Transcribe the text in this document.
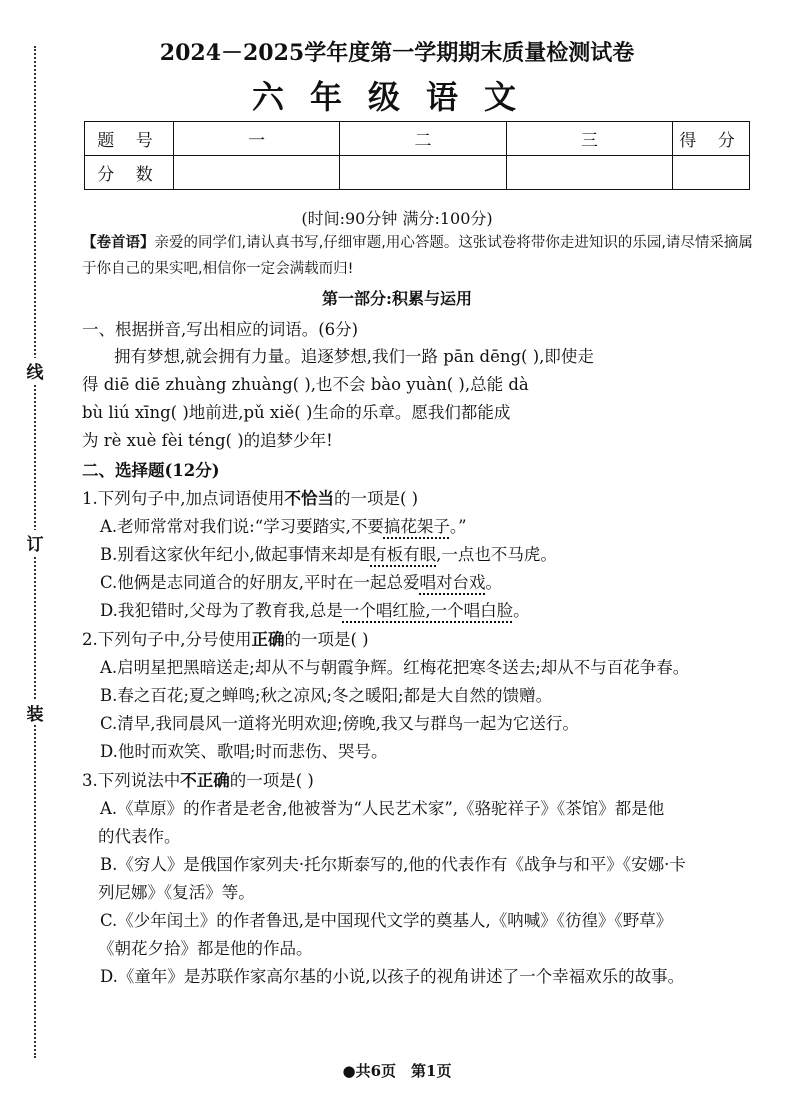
线
订
装
2024－2025学年度第一学期期末质量检测试卷
六年级语文
题 号	一	二	三	得 分
分 数				
(时间:90分钟 满分:100分)
【卷首语】亲爱的同学们,请认真书写,仔细审题,用心答题。这张试卷将带你走进知识的乐园,请尽情采摘属于你自己的果实吧,相信你一定会满载而归!
第一部分:积累与运用
一、根据拼音,写出相应的词语。(6分)
拥有梦想,就会拥有力量。追逐梦想,我们一路 pān dēng( ),即使走
得 diē diē zhuàng zhuàng( ),也不会 bào yuàn( ),总能 dà
bù liú xīng( )地前进,pǔ xiě( )生命的乐章。愿我们都能成
为 rè xuè fèi téng( )的追梦少年!
二、选择题(12分)
1.下列句子中,加点词语使用不恰当的一项是( )
A.老师常常对我们说:“学习要踏实,不要搞花架子。”
B.别看这家伙年纪小,做起事情来却是有板有眼,一点也不马虎。
C.他俩是志同道合的好朋友,平时在一起总爱唱对台戏。
D.我犯错时,父母为了教育我,总是一个唱红脸,一个唱白脸。
2.下列句子中,分号使用正确的一项是( )
A.启明星把黑暗送走;却从不与朝霞争辉。红梅花把寒冬送去;却从不与百花争春。
B.春之百花;夏之蝉鸣;秋之凉风;冬之暖阳;都是大自然的馈赠。
C.清早,我同晨风一道将光明欢迎;傍晚,我又与群鸟一起为它送行。
D.他时而欢笑、歌唱;时而悲伤、哭号。
3.下列说法中不正确的一项是( )
A.《草原》的作者是老舍,他被誉为“人民艺术家”,《骆驼祥子》《茶馆》都是他
的代表作。
B.《穷人》是俄国作家列夫·托尔斯泰写的,他的代表作有《战争与和平》《安娜·卡
列尼娜》《复活》等。
C.《少年闰土》的作者鲁迅,是中国现代文学的奠基人,《呐喊》《彷徨》《野草》
《朝花夕拾》都是他的作品。
D.《童年》是苏联作家高尔基的小说,以孩子的视角讲述了一个幸福欢乐的故事。
●共6页　第1页
